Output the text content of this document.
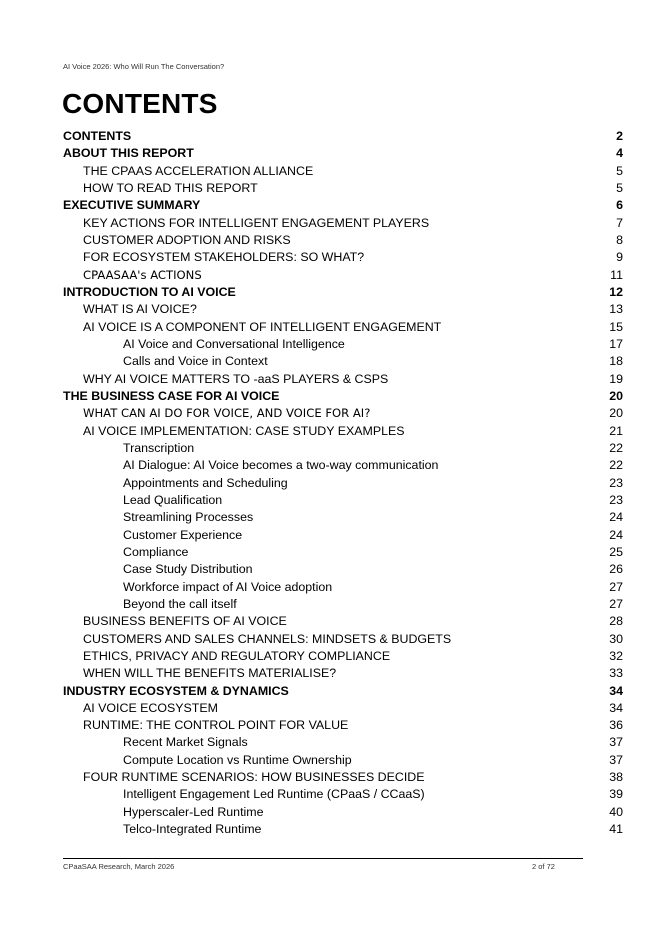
AI Voice 2026: Who Will Run The Conversation?
CONTENTS
CONTENTS	2
ABOUT THIS REPORT	4
THE CPAAS ACCELERATION ALLIANCE	5
HOW TO READ THIS REPORT	5
EXECUTIVE SUMMARY	6
KEY ACTIONS FOR INTELLIGENT ENGAGEMENT PLAYERS	7
CUSTOMER ADOPTION AND RISKS	8
FOR ECOSYSTEM STAKEHOLDERS: SO WHAT?	9
CPAASAA's ACTIONS	11
INTRODUCTION TO AI VOICE	12
WHAT IS AI VOICE?	13
AI VOICE IS A COMPONENT OF INTELLIGENT ENGAGEMENT	15
AI Voice and Conversational Intelligence	17
Calls and Voice in Context	18
WHY AI VOICE MATTERS TO -aaS PLAYERS & CSPS	19
THE BUSINESS CASE FOR AI VOICE	20
WHAT CAN AI DO FOR VOICE, AND VOICE FOR AI?	20
AI VOICE IMPLEMENTATION: CASE STUDY EXAMPLES	21
Transcription	22
AI Dialogue: AI Voice becomes a two-way communication	22
Appointments and Scheduling	23
Lead Qualification	23
Streamlining Processes	24
Customer Experience	24
Compliance	25
Case Study Distribution	26
Workforce impact of AI Voice adoption	27
Beyond the call itself	27
BUSINESS BENEFITS OF AI VOICE	28
CUSTOMERS AND SALES CHANNELS: MINDSETS & BUDGETS	30
ETHICS, PRIVACY AND REGULATORY COMPLIANCE	32
WHEN WILL THE BENEFITS MATERIALISE?	33
INDUSTRY ECOSYSTEM & DYNAMICS	34
AI VOICE ECOSYSTEM	34
RUNTIME: THE CONTROL POINT FOR VALUE	36
Recent Market Signals	37
Compute Location vs Runtime Ownership	37
FOUR RUNTIME SCENARIOS: HOW BUSINESSES DECIDE	38
Intelligent Engagement Led Runtime (CPaaS / CCaaS)	39
Hyperscaler-Led Runtime	40
Telco-Integrated Runtime	41
CPaaSAA Research, March 2026	2 of 72
